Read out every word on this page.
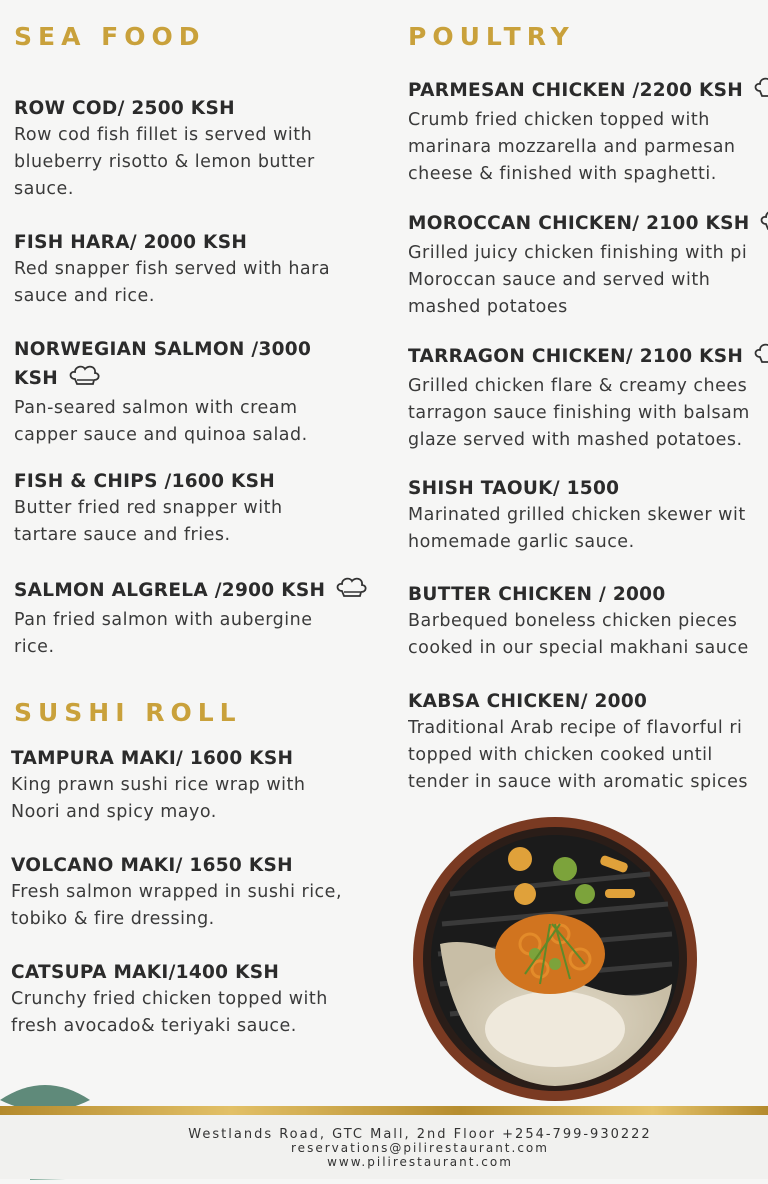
SEA FOOD
ROW COD/ 2500 KSH
Row cod fish fillet is served with
blueberry risotto & lemon butter
sauce.
FISH HARA/ 2000 KSH
Red snapper fish served with hara
sauce and rice.
NORWEGIAN SALMON /3000
KSH
Pan-seared salmon with cream
capper sauce and quinoa salad.
FISH & CHIPS /1600 KSH
Butter fried red snapper with
tartare sauce and fries.
SALMON ALGRELA /2900 KSH
Pan fried salmon with aubergine
rice.
SUSHI ROLL
TAMPURA MAKI/ 1600 KSH
King prawn sushi rice wrap with
Noori and spicy mayo.
VOLCANO MAKI/ 1650 KSH
Fresh salmon wrapped in sushi rice,
tobiko & fire dressing.
CATSUPA MAKI/1400 KSH
Crunchy fried chicken topped with
fresh avocado& teriyaki sauce.
POULTRY
PARMESAN CHICKEN /2200 KSH
Crumb fried chicken topped with
marinara mozzarella and parmesan
cheese & finished with spaghetti.
MOROCCAN CHICKEN/ 2100 KSH
Grilled juicy chicken finishing with pi
Moroccan sauce and served with
mashed potatoes
TARRAGON CHICKEN/ 2100 KSH
Grilled chicken flare & creamy chees
tarragon sauce finishing with balsam
glaze served with mashed potatoes.
SHISH TAOUK/ 1500
Marinated grilled chicken skewer wit
homemade garlic sauce.
BUTTER CHICKEN / 2000
Barbequed boneless chicken pieces
cooked in our special makhani sauce
KABSA CHICKEN/ 2000
Traditional Arab recipe of flavorful ri
topped with chicken cooked until
tender in sauce with aromatic spices
Westlands Road, GTC Mall, 2nd Floor +254-799-930222
reservations@pilirestaurant.com
www.pilirestaurant.com
